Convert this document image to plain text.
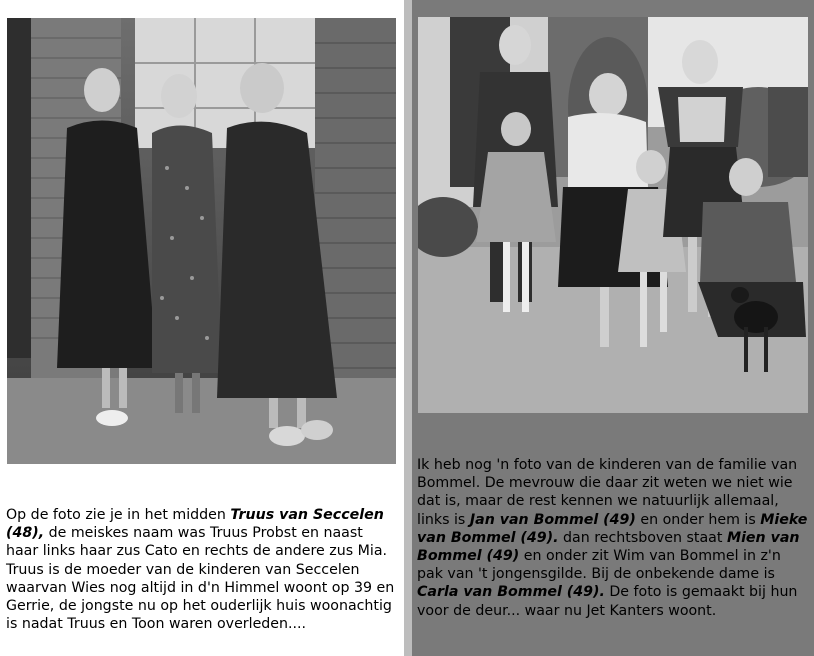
Op de foto zie je in het midden Truus van Seccelen (48), de meiskes naam was Truus Probst en naast haar links haar zus Cato en rechts de andere zus Mia. Truus is de moeder van de kinderen van Seccelen waarvan Wies nog altijd in d'n Himmel woont op 39 en Gerrie, de jongste nu op het ouderlijk huis woonachtig is nadat Truus en Toon waren overleden....
Ik heb nog 'n foto van de kinderen van de familie van Bommel. De mevrouw die daar zit weten we niet wie dat is, maar de rest kennen we natuurlijk allemaal, links is Jan van Bommel (49) en onder hem is Mieke van Bommel (49). dan rechtsboven staat Mien van Bommel (49) en onder zit Wim van Bommel in z'n pak van 't jongensgilde. Bij de onbekende dame is Carla van Bommel (49). De foto is gemaakt bij hun voor de deur... waar nu Jet Kanters woont.
